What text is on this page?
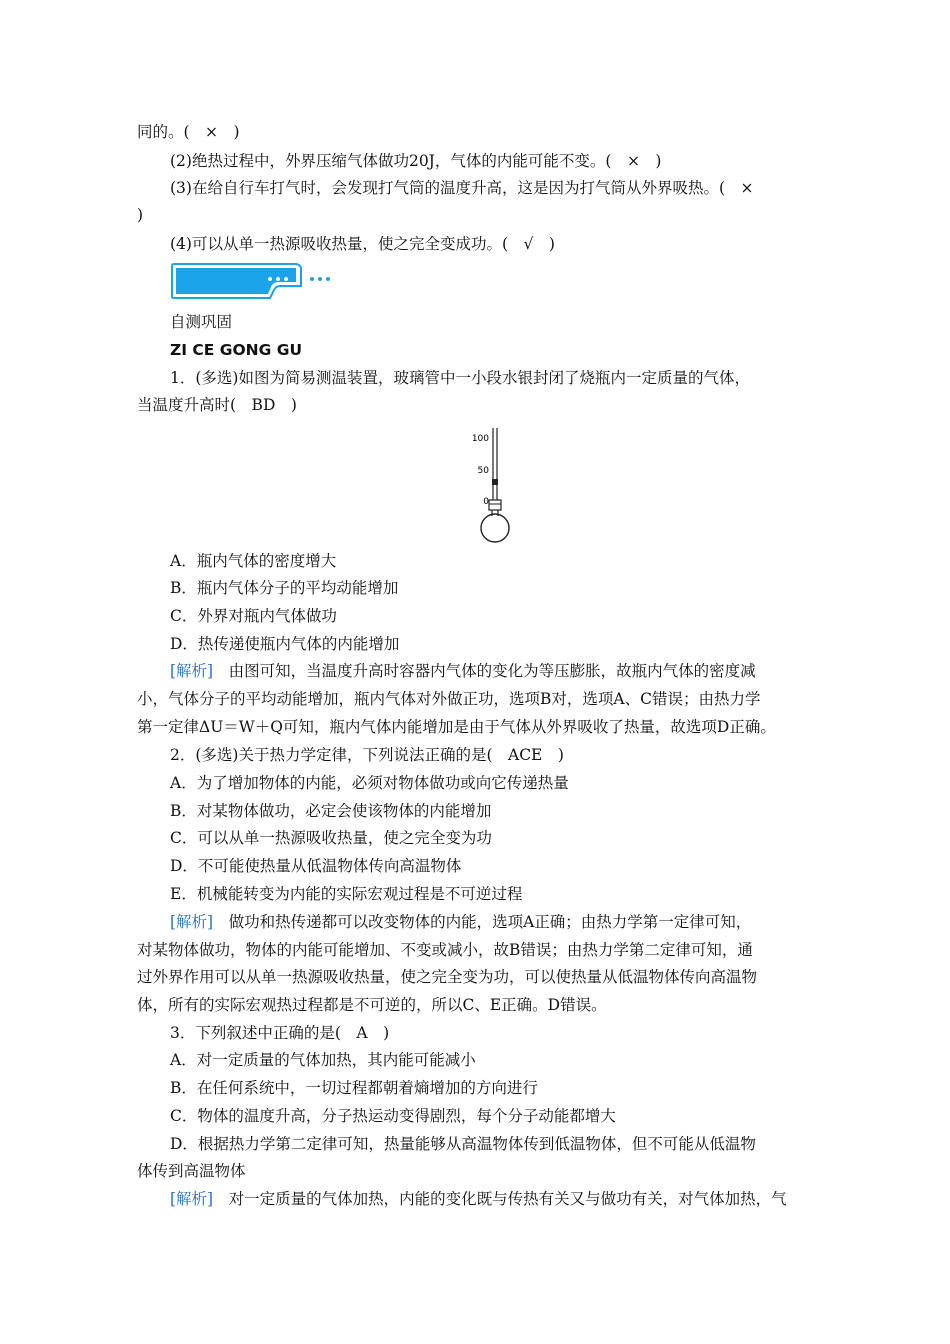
同的。(　×　)
(2)绝热过程中，外界压缩气体做功20J，气体的内能可能不变。(　×　)
(3)在给自行车打气时，会发现打气筒的温度升高，这是因为打气筒从外界吸热。(　×
)
(4)可以从单一热源吸收热量，使之完全变成功。(　√　)
自测巩固
ZI CE GONG GU
1．(多选)如图为简易测温装置，玻璃管中一小段水银封闭了烧瓶内一定质量的气体，
当温度升高时(　BD　)
100
50
0
A．瓶内气体的密度增大
B．瓶内气体分子的平均动能增加
C．外界对瓶内气体做功
D．热传递使瓶内气体的内能增加
[解析]　由图可知，当温度升高时容器内气体的变化为等压膨胀，故瓶内气体的密度减
小，气体分子的平均动能增加，瓶内气体对外做正功，选项B对，选项A、C错误；由热力学
第一定律ΔU＝W＋Q可知，瓶内气体内能增加是由于气体从外界吸收了热量，故选项D正确。
2．(多选)关于热力学定律，下列说法正确的是(　ACE　)
A．为了增加物体的内能，必须对物体做功或向它传递热量
B．对某物体做功，必定会使该物体的内能增加
C．可以从单一热源吸收热量，使之完全变为功
D．不可能使热量从低温物体传向高温物体
E．机械能转变为内能的实际宏观过程是不可逆过程
[解析]　做功和热传递都可以改变物体的内能，选项A正确；由热力学第一定律可知，
对某物体做功，物体的内能可能增加、不变或减小，故B错误；由热力学第二定律可知，通
过外界作用可以从单一热源吸收热量，使之完全变为功，可以使热量从低温物体传向高温物
体，所有的实际宏观热过程都是不可逆的，所以C、E正确。D错误。
3．下列叙述中正确的是(　A　)
A．对一定质量的气体加热，其内能可能减小
B．在任何系统中，一切过程都朝着熵增加的方向进行
C．物体的温度升高，分子热运动变得剧烈，每个分子动能都增大
D．根据热力学第二定律可知，热量能够从高温物体传到低温物体，但不可能从低温物
体传到高温物体
[解析]　对一定质量的气体加热，内能的变化既与传热有关又与做功有关，对气体加热，气
